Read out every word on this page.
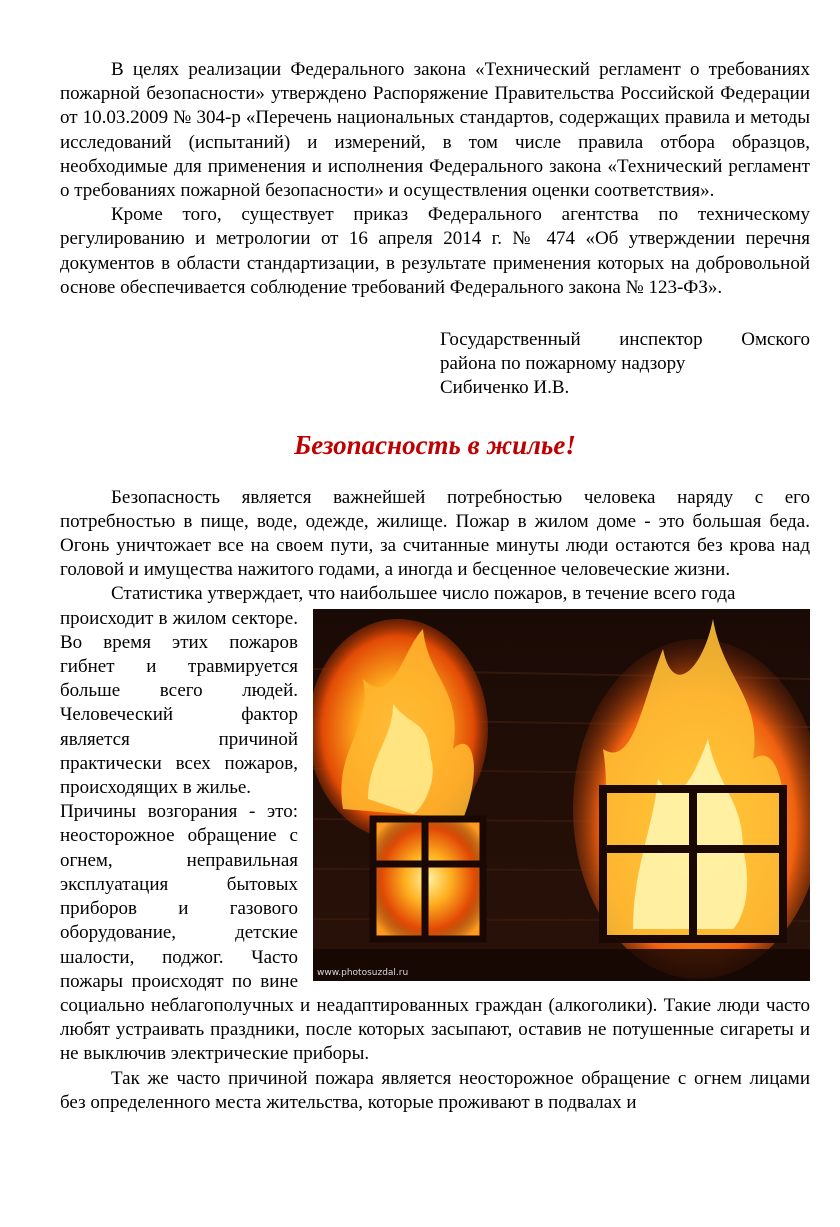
В целях реализации Федерального закона «Технический регламент о требованиях пожарной безопасности» утверждено Распоряжение Правительства Российской Федерации от 10.03.2009 № 304-р «Перечень национальных стандартов, содержащих правила и методы исследований (испытаний) и измерений, в том числе правила отбора образцов, необходимые для применения и исполнения Федерального закона «Технический регламент о требованиях пожарной безопасности» и осуществления оценки соответствия».

Кроме того, существует приказ Федерального агентства по техническому регулированию и метрологии от 16 апреля 2014 г. № 474 «Об утверждении перечня документов в области стандартизации, в результате применения которых на добровольной основе обеспечивается соблюдение требований Федерального закона № 123-ФЗ».

Государственный инспектор Омского
района по пожарному надзору
Сибиченко И.В.
Безопасность в жилье!

Безопасность является важнейшей потребностью человека наряду с его потребностью в пище, воде, одежде, жилище. Пожар в жилом доме - это большая беда. Огонь уничтожает все на своем пути, за считанные минуты люди остаются без крова над головой и имущества нажитого годами, а иногда и бесценное человеческие жизни.

Статистика утверждает, что наибольшее число пожаров, в течение всего года

www.photosuzdal.ru

происходит в жилом секторе. Во время этих пожаров гибнет и травмируется больше всего людей. Человеческий фактор является причиной практически всех пожаров, происходящих в жилье.

Причины возгорания - это: неосторожное обращение с огнем, неправильная эксплуатация бытовых приборов и газового оборудование, детские шалости, поджог. Часто пожары происходят по вине социально неблагополучных и неадаптированных граждан (алкоголики). Такие люди часто любят устраивать праздники, после которых засыпают, оставив не потушенные сигареты и не выключив электрические приборы.

Так же часто причиной пожара является неосторожное обращение с огнем лицами без определенного места жительства, которые проживают в подвалах и
